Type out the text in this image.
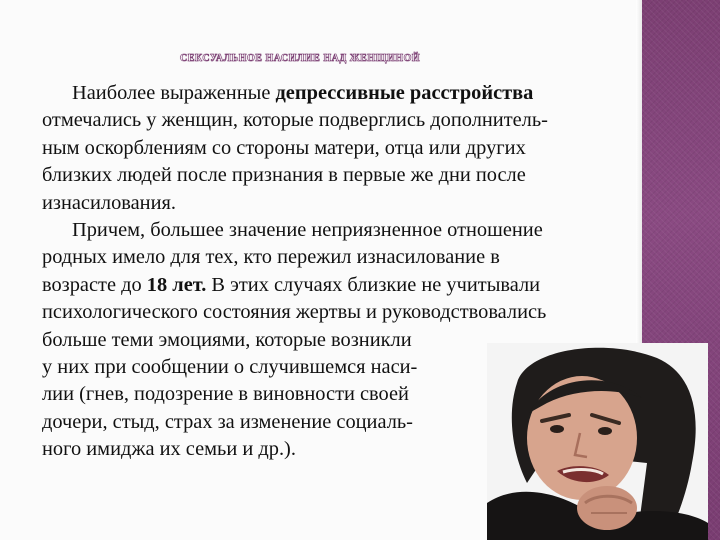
СЕКСУАЛЬНОЕ НАСИЛИЕ НАД ЖЕНЩИНОЙ

Наиболее выраженные депрессивные расстройства
отмечались у женщин, которые подверглись дополнитель-
ным оскорблениям со стороны матери, отца или других
близких людей после признания в первые же дни после
изнасилования.

Причем, большее значение неприязненное отношение
родных имело для тех, кто пережил изнасилование в
возрасте до 18 лет. В этих случаях близкие не учитывали
психологического состояния жертвы и руководствовались
больше теми эмоциями, которые возникли
у них при сообщении о случившемся наси-
лии (гнев, подозрение в виновности своей
дочери, стыд, страх за изменение социаль-
ного имиджа их семьи и др.).
